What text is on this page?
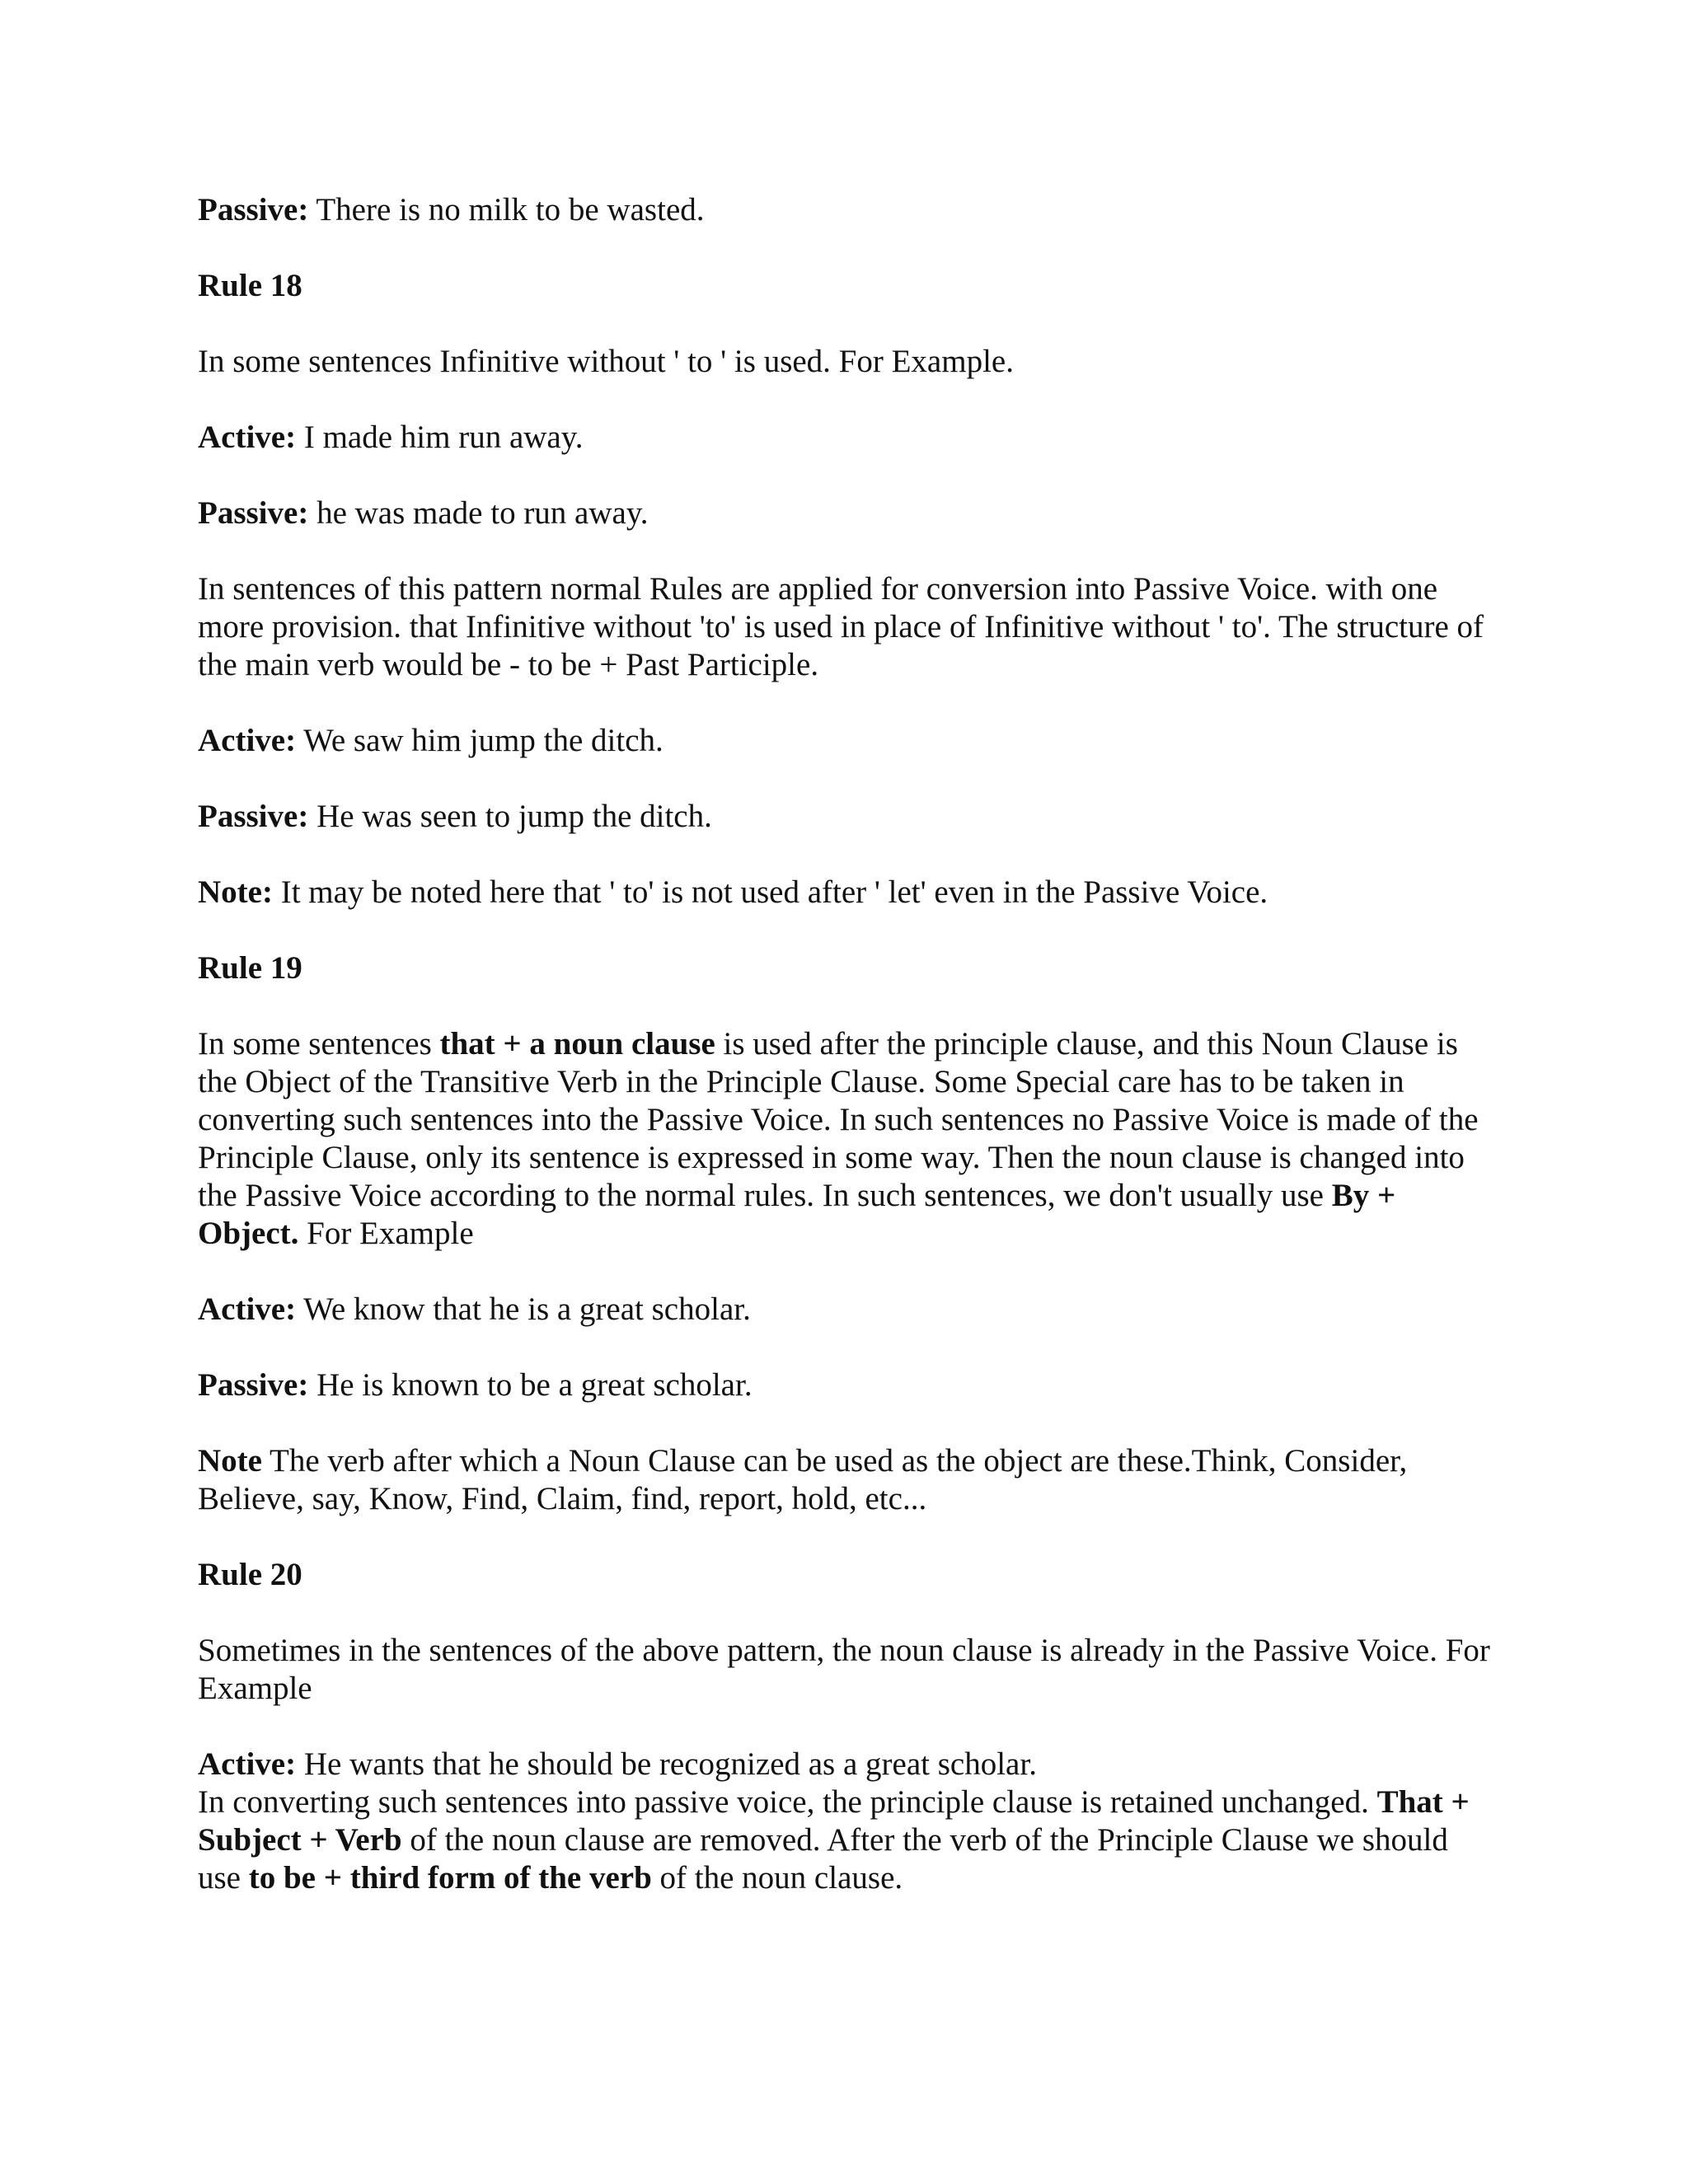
Passive: There is no milk to be wasted.

Rule 18

In some sentences Infinitive without ' to ' is used. For Example.

Active: I made him run away.

Passive: he was made to run away.

In sentences of this pattern normal Rules are applied for conversion into Passive Voice. with one more provision. that Infinitive without 'to' is used in place of Infinitive without ' to'. The structure of the main verb would be - to be + Past Participle.

Active: We saw him jump the ditch.

Passive: He was seen to jump the ditch.

Note: It may be noted here that ' to' is not used after ' let' even in the Passive Voice.

Rule 19

In some sentences that + a noun clause is used after the principle clause, and this Noun Clause is the Object of the Transitive Verb in the Principle Clause. Some Special care has to be taken in converting such sentences into the Passive Voice. In such sentences no Passive Voice is made of the Principle Clause, only its sentence is expressed in some way. Then the noun clause is changed into the Passive Voice according to the normal rules. In such sentences, we don't usually use By + Object. For Example

Active: We know that he is a great scholar.

Passive: He is known to be a great scholar.

Note The verb after which a Noun Clause can be used as the object are these.Think, Consider, Believe, say, Know, Find, Claim, find, report, hold, etc...

Rule 20

Sometimes in the sentences of the above pattern, the noun clause is already in the Passive Voice. For Example

Active: He wants that he should be recognized as a great scholar.

In converting such sentences into passive voice, the principle clause is retained unchanged. That + Subject + Verb of the noun clause are removed. After the verb of the Principle Clause we should use to be + third form of the verb of the noun clause.
